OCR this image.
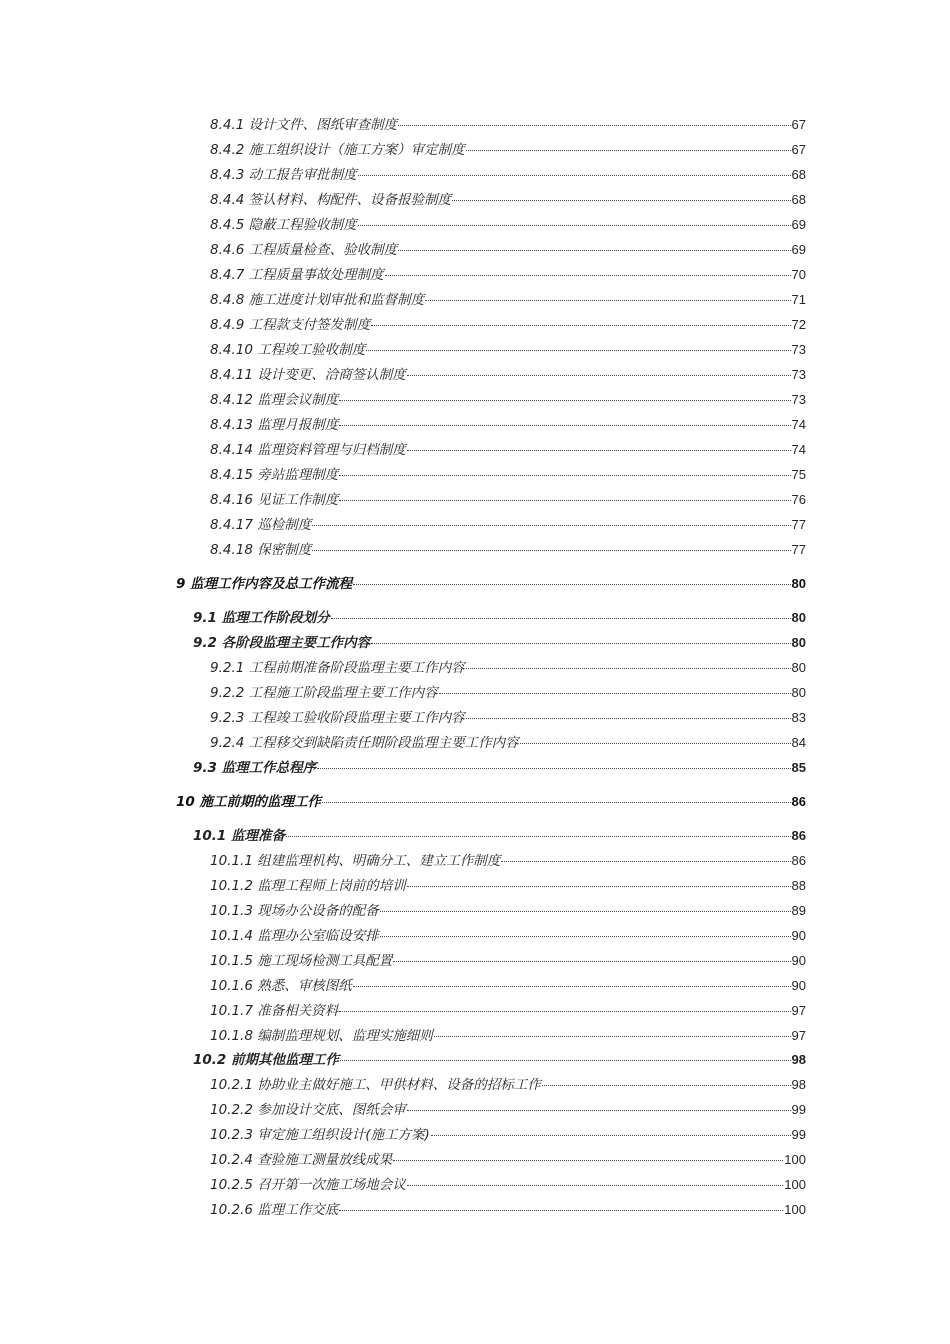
8.4.1 设计文件、图纸审查制度	67
8.4.2 施工组织设计（施工方案）审定制度	67
8.4.3 动工报告审批制度	68
8.4.4 签认材料、构配件、设备报验制度	68
8.4.5 隐蔽工程验收制度	69
8.4.6 工程质量检查、验收制度	69
8.4.7 工程质量事故处理制度	70
8.4.8 施工进度计划审批和监督制度	71
8.4.9 工程款支付签发制度	72
8.4.10 工程竣工验收制度	73
8.4.11 设计变更、洽商签认制度	73
8.4.12 监理会议制度	73
8.4.13 监理月报制度	74
8.4.14 监理资料管理与归档制度	74
8.4.15 旁站监理制度	75
8.4.16 见证工作制度	76
8.4.17 巡检制度	77
8.4.18 保密制度	77
9 监理工作内容及总工作流程	80
9.1 监理工作阶段划分	80
9.2 各阶段监理主要工作内容	80
9.2.1 工程前期准备阶段监理主要工作内容	80
9.2.2 工程施工阶段监理主要工作内容	80
9.2.3 工程竣工验收阶段监理主要工作内容	83
9.2.4 工程移交到缺陷责任期阶段监理主要工作内容	84
9.3 监理工作总程序	85
10 施工前期的监理工作	86
10.1 监理准备	86
10.1.1 组建监理机构、明确分工、建立工作制度	86
10.1.2 监理工程师上岗前的培训	88
10.1.3 现场办公设备的配备	89
10.1.4 监理办公室临设安排	90
10.1.5 施工现场检测工具配置	90
10.1.6 熟悉、审核图纸	90
10.1.7 准备相关资料	97
10.1.8 编制监理规划、监理实施细则	97
10.2 前期其他监理工作	98
10.2.1 协助业主做好施工、甲供材料、设备的招标工作	98
10.2.2 参加设计交底、图纸会审	99
10.2.3 审定施工组织设计(施工方案)	99
10.2.4 查验施工测量放线成果	100
10.2.5 召开第一次施工场地会议	100
10.2.6 监理工作交底	100
